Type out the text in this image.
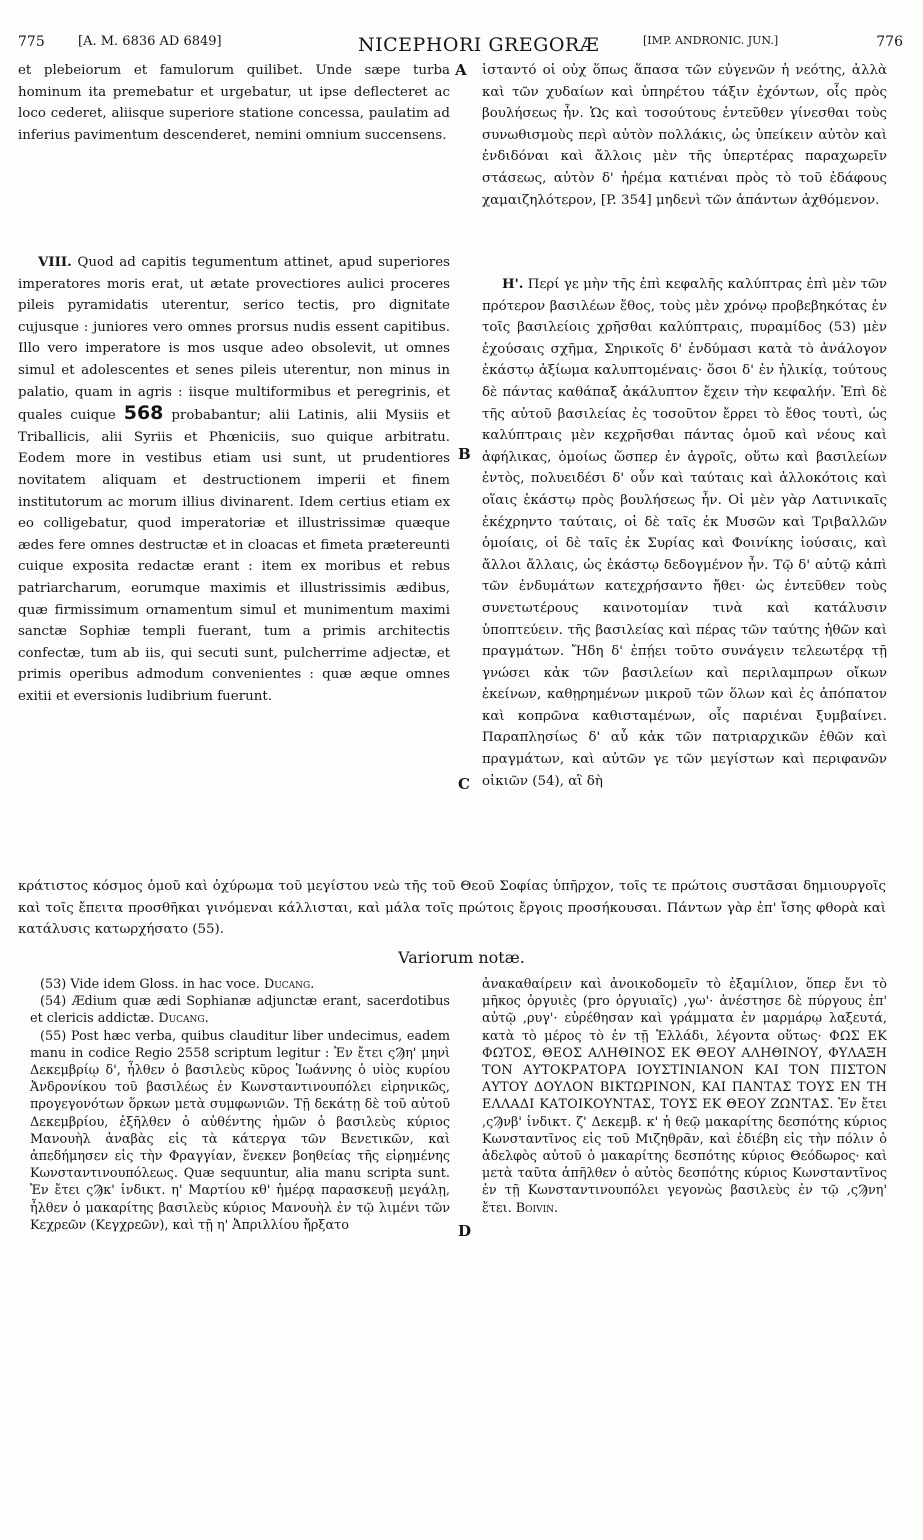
775	[A. M. 6836 AD 6849]	NICEPHORI GREGORÆ	[IMP. ANDRONIC. JUN.]	776

et plebeiorum et famulorum quilibet. Unde sæpe turba hominum ita premebatur et urgebatur, ut ipse deflecteret ac loco cederet, aliisque superiore statione concessa, paulatim ad inferius pavimentum descenderet, nemini omnium succensens.

VIII. Quod ad capitis tegumentum attinet, apud superiores imperatores moris erat, ut ætate provectiores aulici proceres pileis pyramidatis uterentur, serico tectis, pro dignitate cujusque : juniores vero omnes prorsus nudis essent capitibus. Illo vero imperatore is mos usque adeo obsolevit, ut omnes simul et adolescentes et senes pileis uterentur, non minus in palatio, quam in agris : iisque multiformibus et peregrinis, et quales cuique 568 probabantur; alii Latinis, alii Mysiis et Triballicis, alii Syriis et Phœniciis, suo quique arbitratu. Eodem more in vestibus etiam usi sunt, ut prudentiores novitatem aliquam et destructionem imperii et finem institutorum ac morum illius divinarent. Idem certius etiam ex eo colligebatur, quod imperatoriæ et illustrissimæ quæque ædes fere omnes destructæ et in cloacas et fimeta prætereunti cuique exposita redactæ erant : item ex moribus et rebus patriarcharum, eorumque maximis et illustrissimis ædibus, quæ firmissimum ornamentum simul et munimentum maximi sanctæ Sophiæ templi fuerant, tum a primis architectis confectæ, tum ab iis, qui secuti sunt, pulcherrime adjectæ, et primis operibus admodum convenientes : quæ æque omnes exitii et eversionis ludibrium fuerunt.

A
B
C
D

ἱσταντό οἱ οὐχ ὅπως ἅπασα τῶν εὐγενῶν ἡ νεότης, ἀλλὰ καὶ τῶν χυδαίων καὶ ὑπηρέτου τάξιν ἐχόντων, οἷς πρὸς βουλήσεως ἦν. Ὡς καὶ τοσούτους ἐντεῦθεν γίνεσθαι τοὺς συνωθισμοὺς περὶ αὐτὸν πολλάκις, ὡς ὑπείκειν αὐτὸν καὶ ἐνδιδόναι καὶ ἄλλοις μὲν τῆς ὑπερτέρας παραχωρεῖν στάσεως, αὐτὸν δ' ἠρέμα κατιέναι πρὸς τὸ τοῦ ἐδάφους χαμαιζηλότερον, [P. 354] μηδενὶ τῶν ἁπάντων ἀχθόμενον.

Η'. Περί γε μὴν τῆς ἐπὶ κεφαλῆς καλύπτρας ἐπὶ μὲν τῶν πρότερον βασιλέων ἔθος, τοὺς μὲν χρόνῳ προβεβηκότας ἐν τοῖς βασιλείοις χρῆσθαι καλύπτραις, πυραμίδος (53) μὲν ἐχούσαις σχῆμα, Σηρικοῖς δ' ἐνδύμασι κατὰ τὸ ἀνάλογον ἑκάστῳ ἀξίωμα καλυπτομέναις· ὅσοι δ' ἐν ἡλικίᾳ, τούτους δὲ πάντας καθάπαξ ἀκάλυπτον ἔχειν τὴν κεφαλήν. Ἐπὶ δὲ τῆς αὐτοῦ βασιλείας ἐς τοσοῦτον ἔρρει τὸ ἔθος τουτὶ, ὡς καλύπτραις μὲν κεχρῆσθαι πάντας ὁμοῦ καὶ νέους καὶ ἀφήλικας, ὁμοίως ὥσπερ ἐν ἀγροῖς, οὕτω καὶ βασιλείων ἐντὸς, πολυειδέσι δ' οὖν καὶ ταύταις καὶ ἀλλοκότοις καὶ οἵαις ἑκάστῳ πρὸς βουλήσεως ἦν. Οἱ μὲν γὰρ Λατινικαῖς ἐκέχρηντο ταύταις, οἱ δὲ ταῖς ἐκ Μυσῶν καὶ Τριβαλλῶν ὁμοίαις, οἱ δὲ ταῖς ἐκ Συρίας καὶ Φοινίκης ἰούσαις, καὶ ἄλλοι ἄλλαις, ὡς ἑκάστῳ δεδογμένον ἦν. Τῷ δ' αὐτῷ κἀπὶ τῶν ἐνδυμάτων κατεχρήσαντο ἤθει· ὡς ἐντεῦθεν τοὺς συνετωτέρους καινοτομίαν τινὰ καὶ κατάλυσιν ὑποπτεύειν. τῆς βασιλείας καὶ πέρας τῶν ταύτης ἠθῶν καὶ πραγμάτων. Ἤδη δ' ἐπῄει τοῦτο συνάγειν τελεωτέρᾳ τῇ γνώσει κἀκ τῶν βασιλείων καὶ περιλαμπρων οἴκων ἐκείνων, καθῃρημένων μικροῦ τῶν ὅλων καὶ ἐς ἀπόπατον καὶ κοπρῶνα καθισταμένων, οἷς παριέναι ξυμβαίνει. Παραπλησίως δ' αὖ κἀκ τῶν πατριαρχικῶν ἐθῶν καὶ πραγμάτων, καὶ αὐτῶν γε τῶν μεγίστων καὶ περιφανῶν οἰκιῶν (54), αἳ δὴ

κράτιστος κόσμος ὁμοῦ καὶ ὀχύρωμα τοῦ μεγίστου νεὼ τῆς τοῦ Θεοῦ Σοφίας ὑπῆρχον, τοῖς τε πρώτοις συστᾶσαι δημιουργοῖς καὶ τοῖς ἔπειτα προσθῆκαι γινόμεναι κάλλισται, καὶ μάλα τοῖς πρώτοις ἔργοις προσήκουσαι. Πάντων γὰρ ἐπ' ἴσης φθορὰ καὶ κατάλυσις κατωρχήσατο (55).
Variorum notæ.

(53) Vide idem Gloss. in hac voce. Ducang.

(54) Ædium quæ ædi Sophianæ adjunctæ erant, sacerdotibus et clericis addictæ. Ducang.

(55) Post hæc verba, quibus clauditur liber undecimus, eadem manu in codice Regio 2558 scriptum legitur : Ἐν ἔτει ςϠη' μηνὶ Δεκεμβρίῳ δ', ἦλθεν ὁ βασιλεὺς κῦρος Ἰωάννης ὁ υἱὸς κυρίου Ἀνδρονίκου τοῦ βασιλέως ἐν Κωνσταντινουπόλει εἰρηνικῶς, προγεγονότων ὅρκων μετὰ συμφωνιῶν. Τῇ δεκάτῃ δὲ τοῦ αὐτοῦ Δεκεμβρίου, ἐξῆλθεν ὁ αὐθέντης ἡμῶν ὁ βασιλεὺς κύριος Μανουὴλ ἀναβὰς εἰς τὰ κάτεργα τῶν Βενετικῶν, καὶ ἀπεδήμησεν εἰς τὴν Φραγγίαν, ἕνεκεν βοηθείας τῆς εἰρημένης Κωνσταντινουπόλεως. Quæ sequuntur, alia manu scripta sunt. Ἐν ἔτει ςϠκ' ἰνδικτ. η' Μαρτίου κθ' ἡμέρᾳ παρασκευῇ μεγάλῃ, ἦλθεν ὁ μακαρίτης βασιλεὺς κύριος Μανουὴλ ἐν τῷ λιμένι τῶν Κεχρεῶν (Κεγχρεῶν), καὶ τῇ η' Ἀπριλλίου ἤρξατο

ἀνακαθαίρειν καὶ ἀνοικοδομεῖν τὸ ἑξαμίλιον, ὅπερ ἔνι τὸ μῆκος ὀργυιὲς (pro ὀργυιαῖς) ,γω'· ἀνέστησε δὲ πύργους ἐπ' αὐτῷ ,ρυγ'· εὑρέθησαν καὶ γράμματα ἐν μαρμάρῳ λαξευτά, κατὰ τὸ μέρος τὸ ἐν τῇ Ἑλλάδι, λέγοντα οὕτως· ΦΩΣ ΕΚ ΦΩΤΟΣ, ΘΕΟΣ ΑΛΗΘΙΝΟΣ ΕΚ ΘΕΟΥ ΑΛΗΘΙΝΟΥ, ΦΥΛΑΞΗ ΤΟΝ ΑΥΤΟΚΡΑΤΟΡΑ ΙΟΥΣΤΙΝΙΑΝΟΝ ΚΑΙ ΤΟΝ ΠΙΣΤΟΝ ΑΥΤΟΥ ΔΟΥΛΟΝ ΒΙΚΤΩΡΙΝΟΝ, ΚΑΙ ΠΑΝΤΑΣ ΤΟΥΣ ΕΝ ΤΗ ΕΛΛΑΔΙ ΚΑΤΟΙΚΟΥΝΤΑΣ, ΤΟΥΣ ΕΚ ΘΕΟΥ ΖΩΝΤΑΣ. Ἐν ἔτει ,ςϠνβ' ἰνδικτ. ζ' Δεκεμβ. κ' ἡ θεῷ μακαρίτης δεσπότης κύριος Κωνσταντῖνος εἰς τοῦ Μιζηθρᾶν, καὶ ἐδιέβη εἰς τὴν πόλιν ὁ ἀδελφὸς αὐτοῦ ὁ μακαρίτης δεσπότης κύριος Θεόδωρος· καὶ μετὰ ταῦτα ἀπῆλθεν ὁ αὐτὸς δεσπότης κύριος Κωνσταντῖνος ἐν τῇ Κωνσταντινουπόλει γεγονὼς βασιλεὺς ἐν τῷ ,ςϠνη' ἔτει. Boivin.
